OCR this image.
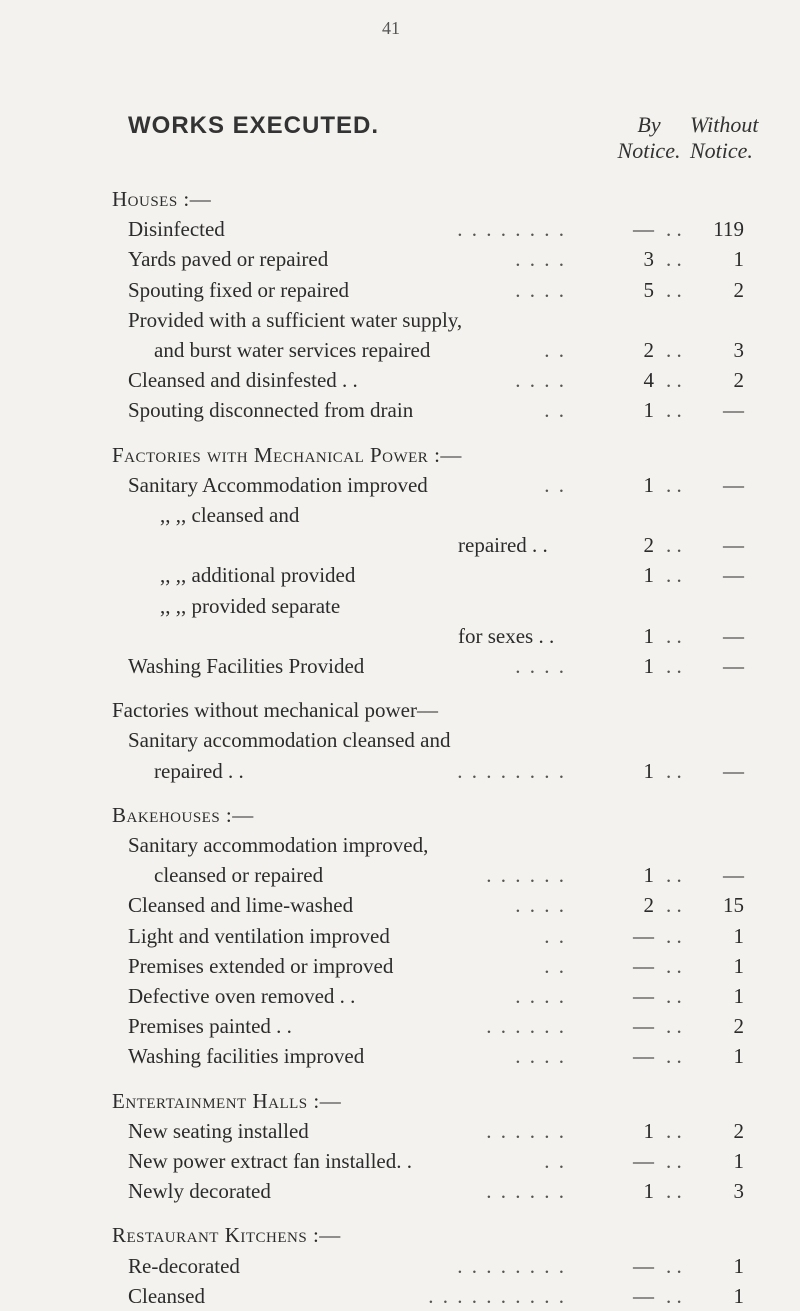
41
WORKS EXECUTED.	By
Notice.
Without
Notice.
Houses :—
Disinfected	. . . . . . . .	— . .	119
Yards paved or repaired	. . . .	3 . .	1
Spouting fixed or repaired	. . . .	5 . .	2
Provided with a sufficient water supply,
and burst water services repaired	. .	2 . .	3
Cleansed and disinfested . .	. . . .	4 . .	2
Spouting disconnected from drain	. .	1 . .	—
Factories with Mechanical Power :—
Sanitary Accommodation improved	. .	1 . .	—
,, ,, cleansed and
repaired . .	2 . .	—
,, ,, additional provided	1 . .	—
,, ,, provided separate
for sexes . .	1 . .	—
Washing Facilities Provided	. . . .	1 . .	—
Factories without mechanical power—
Sanitary accommodation cleansed and
repaired . .	. . . . . . . .	1 . .	—
Bakehouses :—
Sanitary accommodation improved,
cleansed or repaired	. . . . . .	1 . .	—
Cleansed and lime-washed	. . . .	2 . .	15
Light and ventilation improved	. .	— . .	1
Premises extended or improved	. .	— . .	1
Defective oven removed . .	. . . .	— . .	1
Premises painted . .	. . . . . .	— . .	2
Washing facilities improved	. . . .	— . .	1
Entertainment Halls :—
New seating installed	. . . . . .	1 . .	2
New power extract fan installed. .	. .	— . .	1
Newly decorated	. . . . . .	1 . .	3
Restaurant Kitchens :—
Re-decorated	. . . . . . . .	— . .	1
Cleansed	. . . . . . . . . .	— . .	1
